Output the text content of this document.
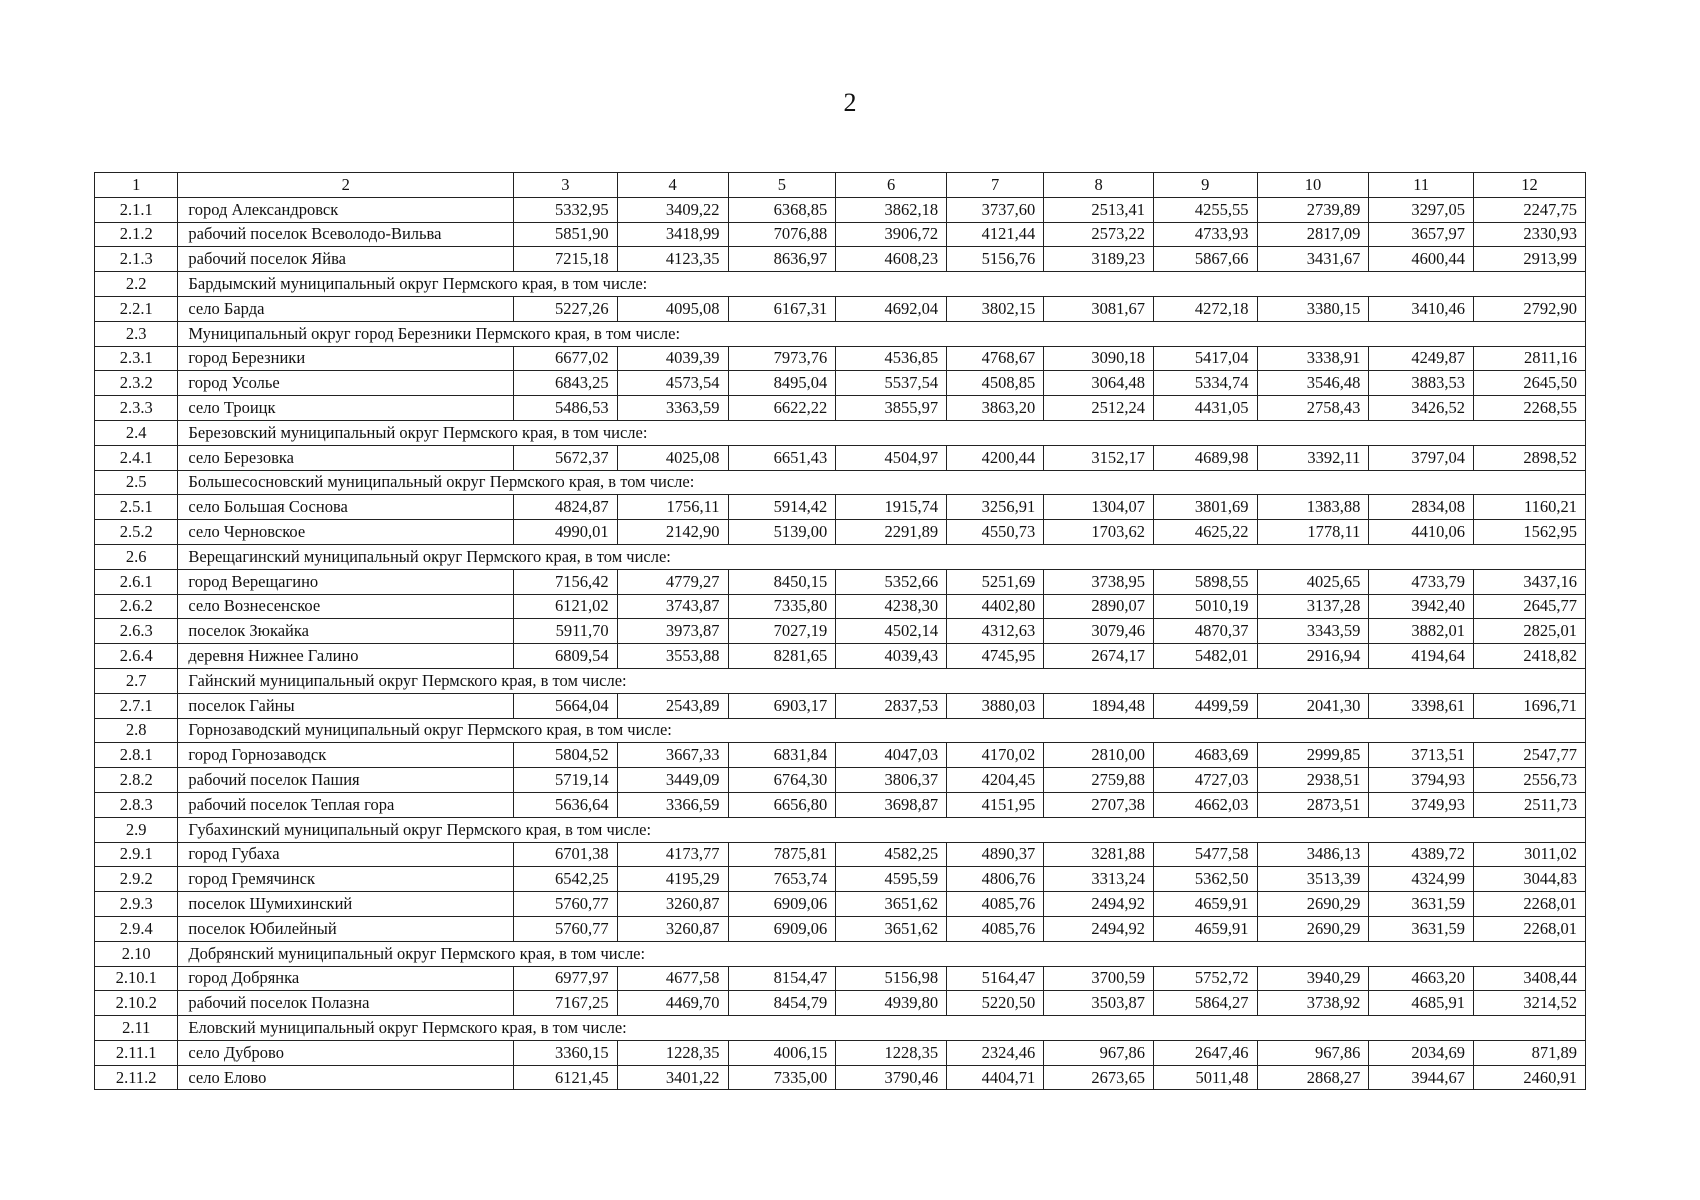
2
1	2	3	4	5	6	7	8	9	10	11	12
2.1.1	город Александровск	5332,95	3409,22	6368,85	3862,18	3737,60	2513,41	4255,55	2739,89	3297,05	2247,75
2.1.2	рабочий поселок Всеволодо-Вильва	5851,90	3418,99	7076,88	3906,72	4121,44	2573,22	4733,93	2817,09	3657,97	2330,93
2.1.3	рабочий поселок Яйва	7215,18	4123,35	8636,97	4608,23	5156,76	3189,23	5867,66	3431,67	4600,44	2913,99
2.2	Бардымский муниципальный округ Пермского края, в том числе:										
2.2.1	село Барда	5227,26	4095,08	6167,31	4692,04	3802,15	3081,67	4272,18	3380,15	3410,46	2792,90
2.3	Муниципальный округ город Березники Пермского края, в том числе:										
2.3.1	город Березники	6677,02	4039,39	7973,76	4536,85	4768,67	3090,18	5417,04	3338,91	4249,87	2811,16
2.3.2	город Усолье	6843,25	4573,54	8495,04	5537,54	4508,85	3064,48	5334,74	3546,48	3883,53	2645,50
2.3.3	село Троицк	5486,53	3363,59	6622,22	3855,97	3863,20	2512,24	4431,05	2758,43	3426,52	2268,55
2.4	Березовский муниципальный округ Пермского края, в том числе:										
2.4.1	село Березовка	5672,37	4025,08	6651,43	4504,97	4200,44	3152,17	4689,98	3392,11	3797,04	2898,52
2.5	Большесосновский муниципальный округ Пермского края, в том числе:										
2.5.1	село Большая Соснова	4824,87	1756,11	5914,42	1915,74	3256,91	1304,07	3801,69	1383,88	2834,08	1160,21
2.5.2	село Черновское	4990,01	2142,90	5139,00	2291,89	4550,73	1703,62	4625,22	1778,11	4410,06	1562,95
2.6	Верещагинский муниципальный округ Пермского края, в том числе:										
2.6.1	город Верещагино	7156,42	4779,27	8450,15	5352,66	5251,69	3738,95	5898,55	4025,65	4733,79	3437,16
2.6.2	село Вознесенское	6121,02	3743,87	7335,80	4238,30	4402,80	2890,07	5010,19	3137,28	3942,40	2645,77
2.6.3	поселок Зюкайка	5911,70	3973,87	7027,19	4502,14	4312,63	3079,46	4870,37	3343,59	3882,01	2825,01
2.6.4	деревня Нижнее Галино	6809,54	3553,88	8281,65	4039,43	4745,95	2674,17	5482,01	2916,94	4194,64	2418,82
2.7	Гайнский муниципальный округ Пермского края, в том числе:										
2.7.1	поселок Гайны	5664,04	2543,89	6903,17	2837,53	3880,03	1894,48	4499,59	2041,30	3398,61	1696,71
2.8	Горнозаводский муниципальный округ Пермского края, в том числе:										
2.8.1	город Горнозаводск	5804,52	3667,33	6831,84	4047,03	4170,02	2810,00	4683,69	2999,85	3713,51	2547,77
2.8.2	рабочий поселок Пашия	5719,14	3449,09	6764,30	3806,37	4204,45	2759,88	4727,03	2938,51	3794,93	2556,73
2.8.3	рабочий поселок Теплая гора	5636,64	3366,59	6656,80	3698,87	4151,95	2707,38	4662,03	2873,51	3749,93	2511,73
2.9	Губахинский муниципальный округ Пермского края, в том числе:										
2.9.1	город Губаха	6701,38	4173,77	7875,81	4582,25	4890,37	3281,88	5477,58	3486,13	4389,72	3011,02
2.9.2	город Гремячинск	6542,25	4195,29	7653,74	4595,59	4806,76	3313,24	5362,50	3513,39	4324,99	3044,83
2.9.3	поселок Шумихинский	5760,77	3260,87	6909,06	3651,62	4085,76	2494,92	4659,91	2690,29	3631,59	2268,01
2.9.4	поселок Юбилейный	5760,77	3260,87	6909,06	3651,62	4085,76	2494,92	4659,91	2690,29	3631,59	2268,01
2.10	Добрянский муниципальный округ Пермского края, в том числе:										
2.10.1	город Добрянка	6977,97	4677,58	8154,47	5156,98	5164,47	3700,59	5752,72	3940,29	4663,20	3408,44
2.10.2	рабочий поселок Полазна	7167,25	4469,70	8454,79	4939,80	5220,50	3503,87	5864,27	3738,92	4685,91	3214,52
2.11	Еловский муниципальный округ Пермского края, в том числе:										
2.11.1	село Дуброво	3360,15	1228,35	4006,15	1228,35	2324,46	967,86	2647,46	967,86	2034,69	871,89
2.11.2	село Елово	6121,45	3401,22	7335,00	3790,46	4404,71	2673,65	5011,48	2868,27	3944,67	2460,91
